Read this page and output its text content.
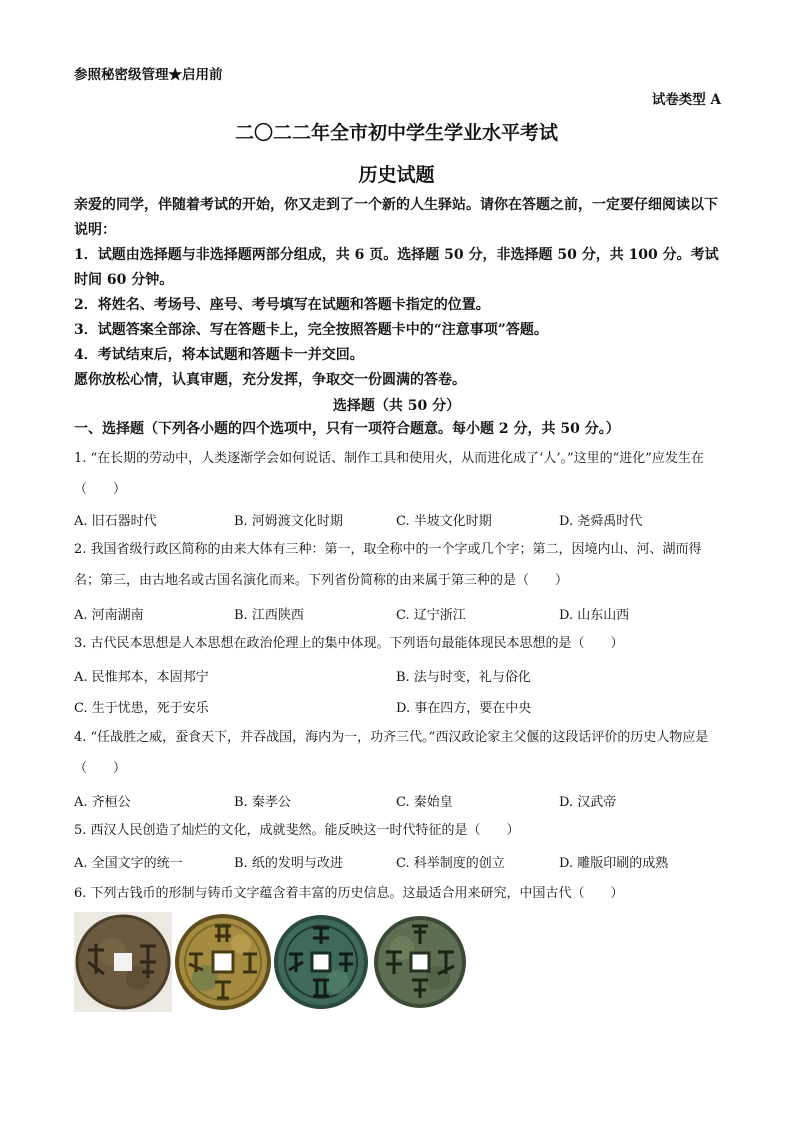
参照秘密级管理★启用前
试卷类型 A
二〇二二年全市初中学生学业水平考试
历史试题
亲爱的同学，伴随着考试的开始，你又走到了一个新的人生驿站。请你在答题之前，一定要仔细阅读以下说明：
1．试题由选择题与非选择题两部分组成，共 6 页。选择题 50 分，非选择题 50 分，共 100 分。考试时间 60 分钟。
2．将姓名、考场号、座号、考号填写在试题和答题卡指定的位置。
3．试题答案全部涂、写在答题卡上，完全按照答题卡中的“注意事项”答题。
4．考试结束后，将本试题和答题卡一并交回。
愿你放松心情，认真审题，充分发挥，争取交一份圆满的答卷。
选择题（共 50 分）
一、选择题（下列各小题的四个选项中，只有一项符合题意。每小题 2 分，共 50 分。）
1. “在长期的劳动中，人类逐渐学会如何说话、制作工具和使用火，从而进化成了‘人’。”这里的“进化”应发生在（　　）
A. 旧石器时代	B. 河姆渡文化时期	C. 半坡文化时期	D. 尧舜禹时代
2. 我国省级行政区简称的由来大体有三种：第一，取全称中的一个字或几个字；第二，因境内山、河、湖而得名；第三，由古地名或古国名演化而来。下列省份简称的由来属于第三种的是（　　）
A. 河南湖南	B. 江西陕西	C. 辽宁浙江	D. 山东山西
3. 古代民本思想是人本思想在政治伦理上的集中体现。下列语句最能体现民本思想的是（　　）
A. 民惟邦本，本固邦宁	B. 法与时变，礼与俗化
C. 生于忧患，死于安乐	D. 事在四方，要在中央
4. “任战胜之威，蚕食天下，并吞战国，海内为一，功齐三代。”西汉政论家主父偃的这段话评价的历史人物应是（　　）
A. 齐桓公	B. 秦孝公	C. 秦始皇	D. 汉武帝
5. 西汉人民创造了灿烂的文化，成就斐然。能反映这一时代特征的是（　　）
A. 全国文字的统一	B. 纸的发明与改进	C. 科举制度的创立	D. 雕版印刷的成熟
6. 下列古钱币的形制与铸币文字蕴含着丰富的历史信息。这最适合用来研究，中国古代（　　）
